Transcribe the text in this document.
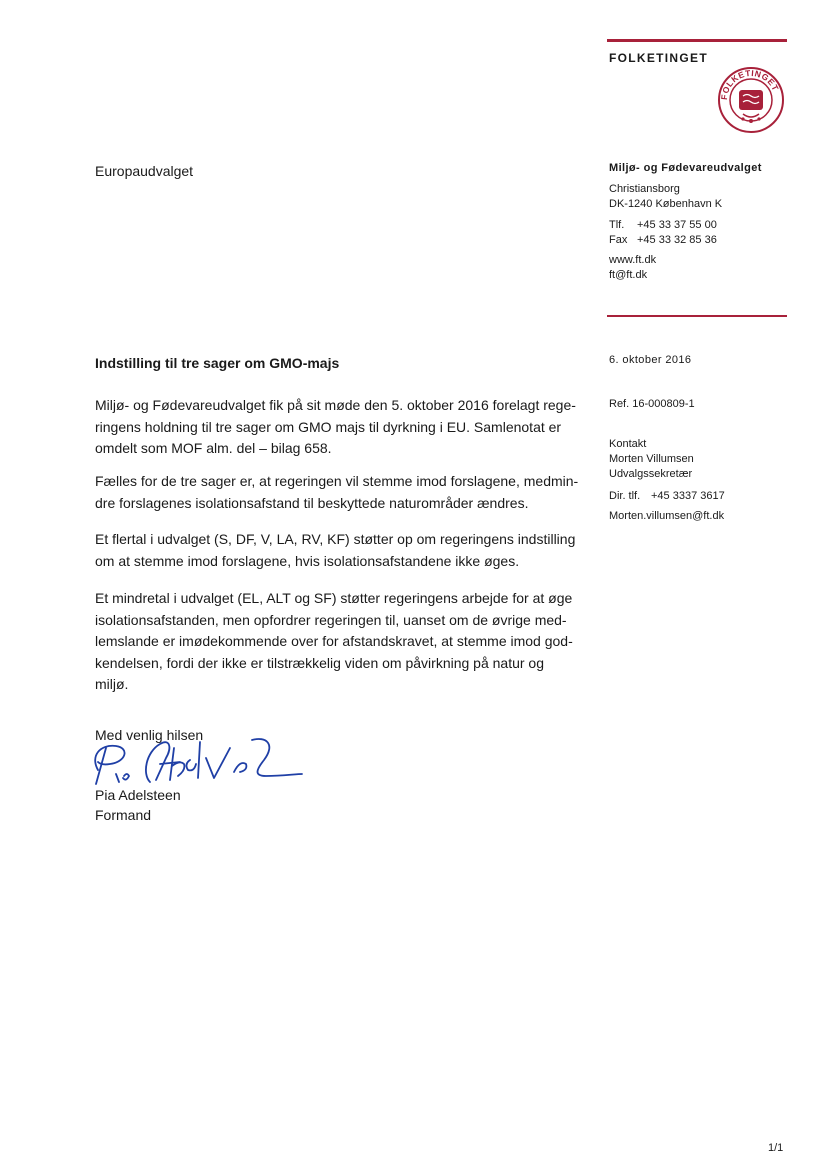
FOLKETINGET
FOLKETINGET
Europaudvalget	Miljø- og Fødevareudvalget
Christiansborg
DK-1240 København K
Tlf. +45 33 37 55 00
Fax +45 33 32 85 36
www.ft.dk
ft@ft.dk
6. oktober 2016
Ref. 16-000809-1
Kontakt
Morten Villumsen
Udvalgssekretær
Dir. tlf. +45 3337 3617
Morten.villumsen@ft.dk
Indstilling til tre sager om GMO-majs

Miljø- og Fødevareudvalget fik på sit møde den 5. oktober 2016 forelagt rege-

ringens holdning til tre sager om GMO majs til dyrkning i EU. Samlenotat er

omdelt som MOF alm. del – bilag 658.

Fælles for de tre sager er, at regeringen vil stemme imod forslagene, medmin-

dre forslagenes isolationsafstand til beskyttede naturområder ændres.

Et flertal i udvalget (S, DF, V, LA, RV, KF) støtter op om regeringens indstilling

om at stemme imod forslagene, hvis isolationsafstandene ikke øges.

Et mindretal i udvalget (EL, ALT og SF) støtter regeringens arbejde for at øge

isolationsafstanden, men opfordrer regeringen til, uanset om de øvrige med-

lemslande er imødekommende over for afstandskravet, at stemme imod god-

kendelsen, fordi der ikke er tilstrækkelig viden om påvirkning på natur og

miljø.

Med venlig hilsen
Pia Adelsteen
Formand
1/1
